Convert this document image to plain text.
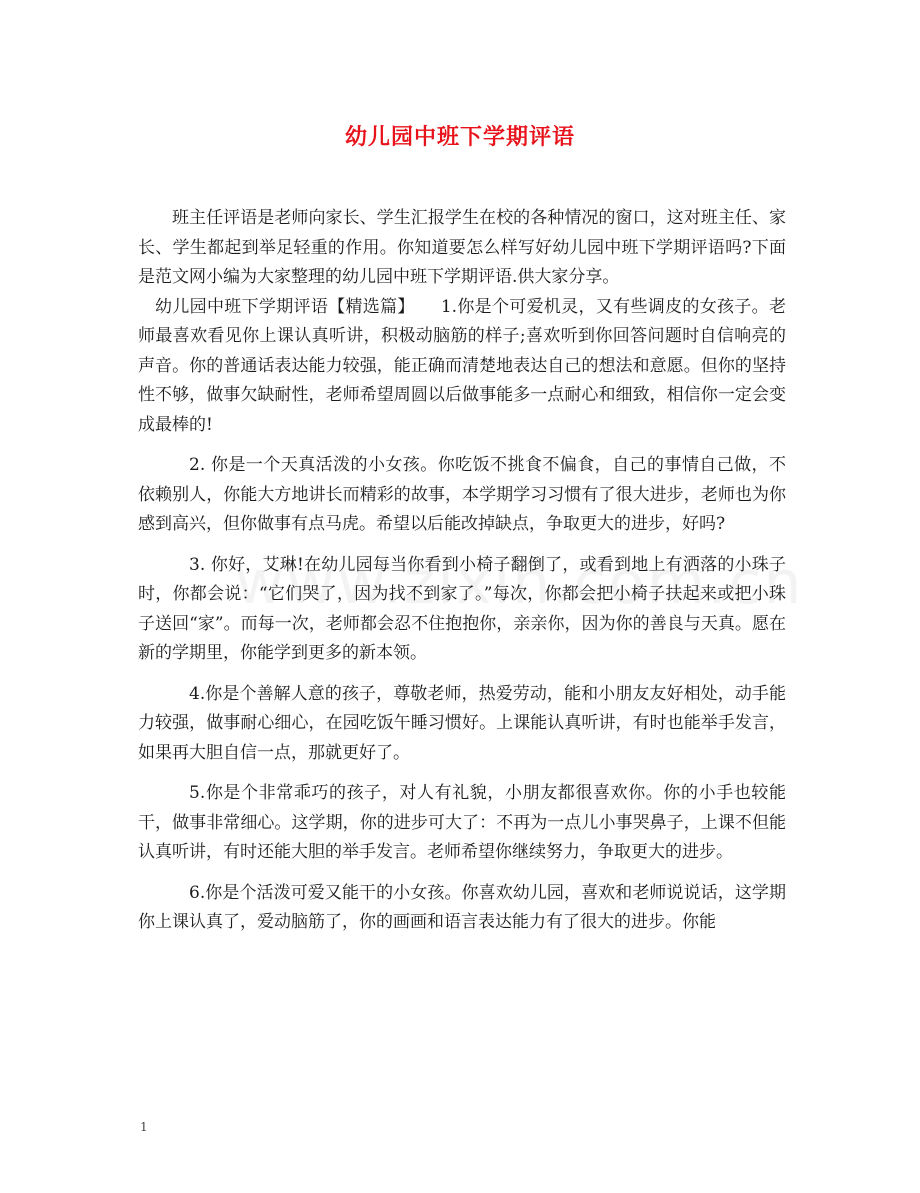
幼儿园中班下学期评语

班主任评语是老师向家长、学生汇报学生在校的各种情况的窗口，这对班主任、家长、学生都起到举足轻重的作用。你知道要怎么样写好幼儿园中班下学期评语吗?下面是范文网小编为大家整理的幼儿园中班下学期评语.供大家分享。

幼儿园中班下学期评语【精选篇】　　1.你是个可爱机灵，又有些调皮的女孩子。老师最喜欢看见你上课认真听讲，积极动脑筋的样子;喜欢听到你回答问题时自信响亮的声音。你的普通话表达能力较强，能正确而清楚地表达自己的想法和意愿。但你的坚持性不够，做事欠缺耐性，老师希望周圆以后做事能多一点耐心和细致，相信你一定会变成最棒的!

2. 你是一个天真活泼的小女孩。你吃饭不挑食不偏食，自己的事情自己做，不依赖别人，你能大方地讲长而精彩的故事，本学期学习习惯有了很大进步，老师也为你感到高兴，但你做事有点马虎。希望以后能改掉缺点，争取更大的进步，好吗?

3. 你好，艾琳!在幼儿园每当你看到小椅子翻倒了，或看到地上有洒落的小珠子时，你都会说：“它们哭了，因为找不到家了。”每次，你都会把小椅子扶起来或把小珠子送回“家”。而每一次，老师都会忍不住抱抱你，亲亲你，因为你的善良与天真。愿在新的学期里，你能学到更多的新本领。

4.你是个善解人意的孩子，尊敬老师，热爱劳动，能和小朋友友好相处，动手能力较强，做事耐心细心，在园吃饭午睡习惯好。上课能认真听讲，有时也能举手发言，如果再大胆自信一点，那就更好了。

5.你是个非常乖巧的孩子，对人有礼貌，小朋友都很喜欢你。你的小手也较能干，做事非常细心。这学期，你的进步可大了：不再为一点儿小事哭鼻子，上课不但能认真听讲，有时还能大胆的举手发言。老师希望你继续努力，争取更大的进步。

6.你是个活泼可爱又能干的小女孩。你喜欢幼儿园，喜欢和老师说说话，这学期你上课认真了，爱动脑筋了，你的画画和语言表达能力有了很大的进步。你能

1
